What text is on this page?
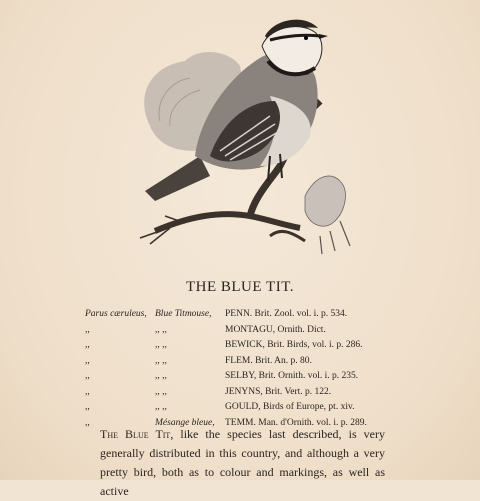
THE BLUE TIT.
Parus cæruleus, Blue Titmouse, PENN. Brit. Zool. vol. i. p. 534.
,,	,, ,,	MONTAGU, Ornith. Dict.
,,	,, ,,	BEWICK, Brit. Birds, vol. i. p. 286.
,,	,, ,,	FLEM. Brit. An. p. 80.
,,	,, ,,	SELBY, Brit. Ornith. vol. i. p. 235.
,,	,, ,,	JENYNS, Brit. Vert. p. 122.
,,	,, ,,	GOULD, Birds of Europe, pt. xiv.
,,	Mésange bleue, TEMM. Man. d'Ornith. vol. i. p. 289.
The Blue Tit, like the species last described, is very generally distributed in this country, and although a very pretty bird, both as to colour and markings, as well as active
